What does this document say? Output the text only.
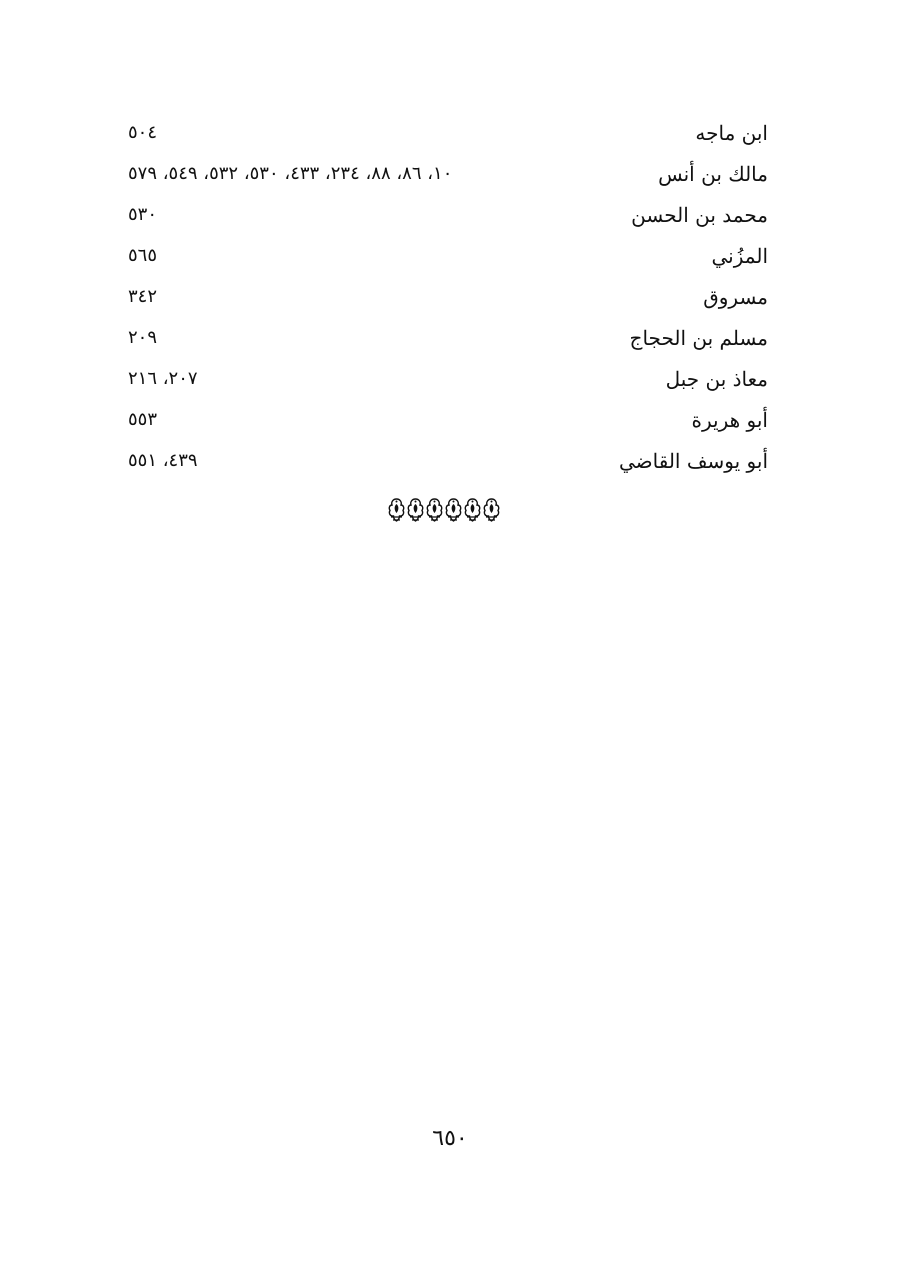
ابن ماجه
٥٠٤
مالك بن أنس
١٠، ٨٦، ٨٨، ٢٣٤، ٤٣٣، ٥٣٠، ٥٣٢، ٥٤٩، ٥٧٩
محمد بن الحسن
٥٣٠
المزُني
٥٦٥
مسروق
٣٤٢
مسلم بن الحجاج
٢٠٩
معاذ بن جبل
٢٠٧، ٢١٦
أبو هريرة
٥٥٣
أبو يوسف القاضي
٤٣٩، ٥٥١
٦٥٠
